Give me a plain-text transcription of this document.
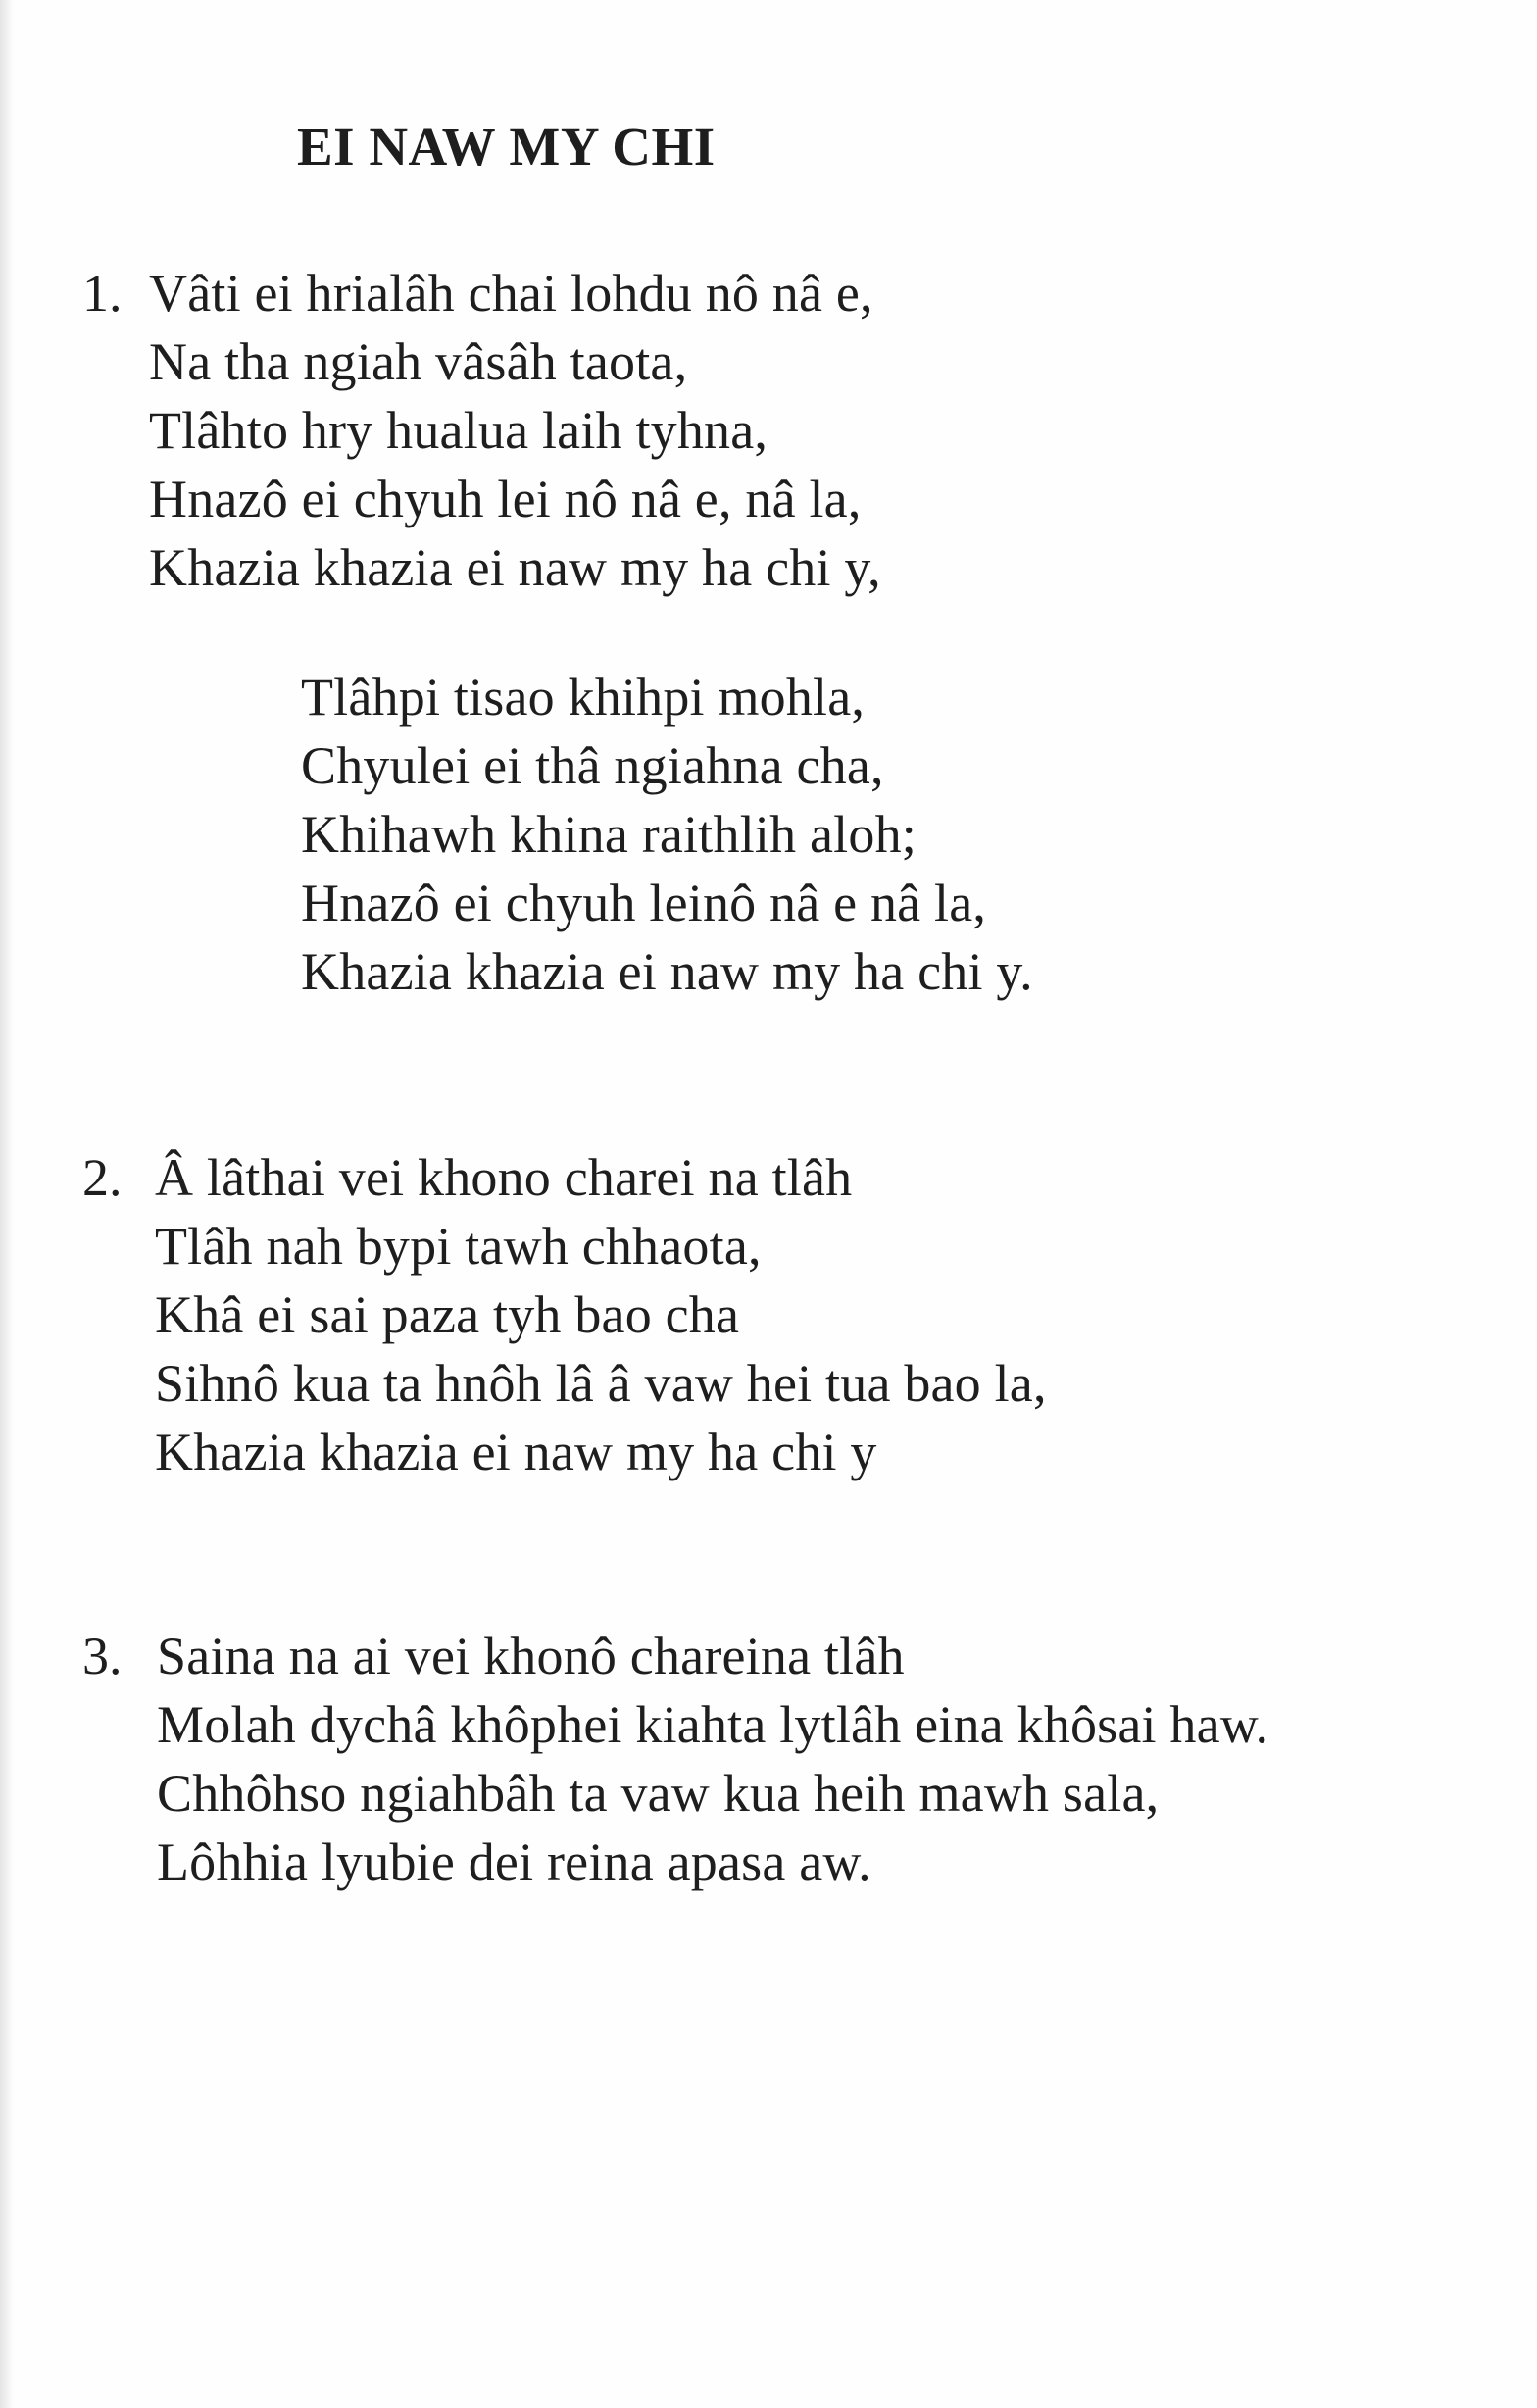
EI NAW MY CHI
1. Vâti ei hrialâh chai lohdu nô nâ e,
Na tha ngiah vâsâh taota,
Tlâhto hry hualua laih tyhna,
Hnazô ei chyuh lei nô nâ e, nâ la,
Khazia khazia ei naw my ha chi y,
Tlâhpi tisao khihpi mohla,
Chyulei ei thâ ngiahna cha,
Khihawh khina raithlih aloh;
Hnazô ei chyuh leinô nâ e nâ la,
Khazia khazia ei naw my ha chi y.
2. Â lâthai vei khono charei na tlâh
Tlâh nah bypi tawh chhaota,
Khâ ei sai paza tyh bao cha
Sihnô kua ta hnôh lâ â vaw hei tua bao la,
Khazia khazia ei naw my ha chi y
3. Saina na ai vei khonô chareina tlâh
Molah dychâ khôphei kiahta lytlâh eina khôsai haw.
Chhôhso ngiahbâh ta vaw kua heih mawh sala,
Lôhhia lyubie dei reina apasa aw.
